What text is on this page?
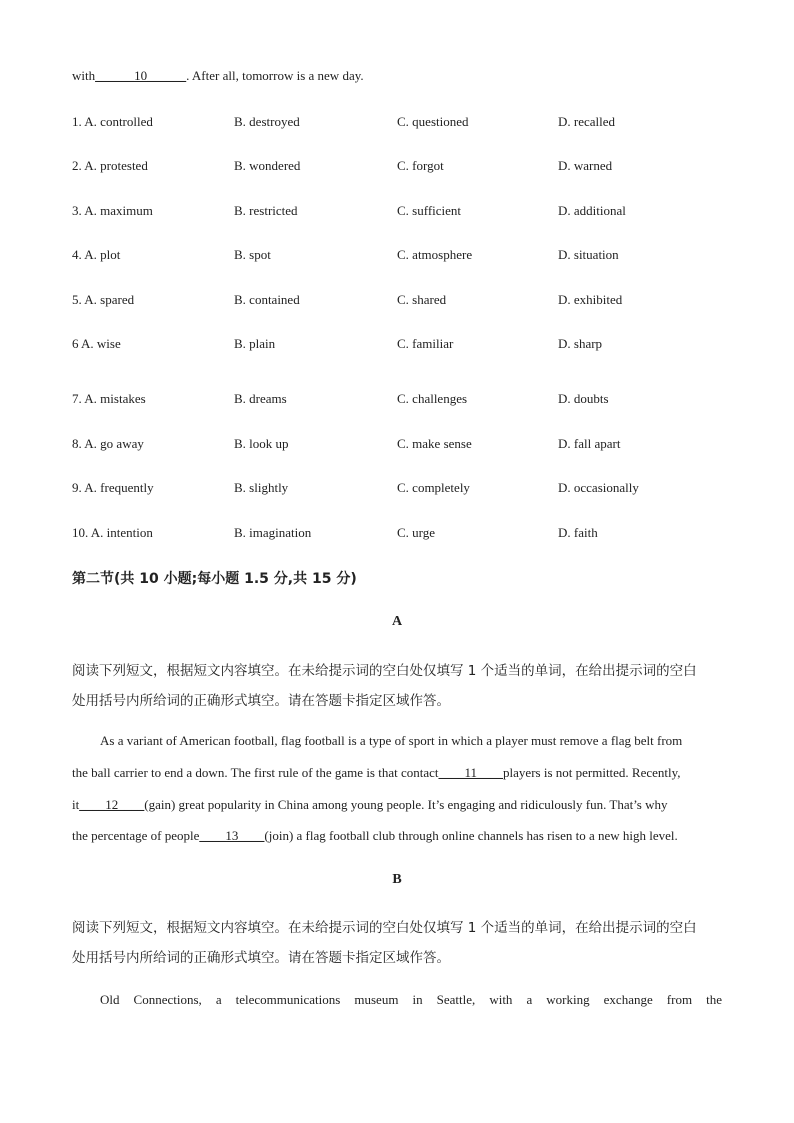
with______10______. After all, tomorrow is a new day.
1. A. controlled	B. destroyed	C. questioned	D. recalled
2. A. protested	B. wondered	C. forgot	D. warned
3. A. maximum	B. restricted	C. sufficient	D. additional
4. A. plot	B. spot	C. atmosphere	D. situation
5. A. spared	B. contained	C. shared	D. exhibited
6 A. wise	B. plain	C. familiar	D. sharp
7. A. mistakes	B. dreams	C. challenges	D. doubts
8. A. go away	B. look up	C. make sense	D. fall apart
9. A. frequently	B. slightly	C. completely	D. occasionally
10. A. intention	B. imagination	C. urge	D. faith
第二节(共 10 小题;每小题 1.5 分,共 15 分)
A
阅读下列短文，根据短文内容填空。在未给提示词的空白处仅填写 1 个适当的单词，在给出提示词的空白
处用括号内所给词的正确形式填空。请在答题卡指定区域作答。
As a variant of American football, flag football is a type of sport in which a player must remove a flag belt from
the ball carrier to end a down. The first rule of the game is that contact____11____players is not permitted. Recently,
it____12____(gain) great popularity in China among young people. It’s engaging and ridiculously fun. That’s why
the percentage of people____13____(join) a flag football club through online channels has risen to a new high level.
B
阅读下列短文，根据短文内容填空。在未给提示词的空白处仅填写 1 个适当的单词，在给出提示词的空白
处用括号内所给词的正确形式填空。请在答题卡指定区域作答。
Old Connections, a telecommunications museum in Seattle, with a working exchange from the
